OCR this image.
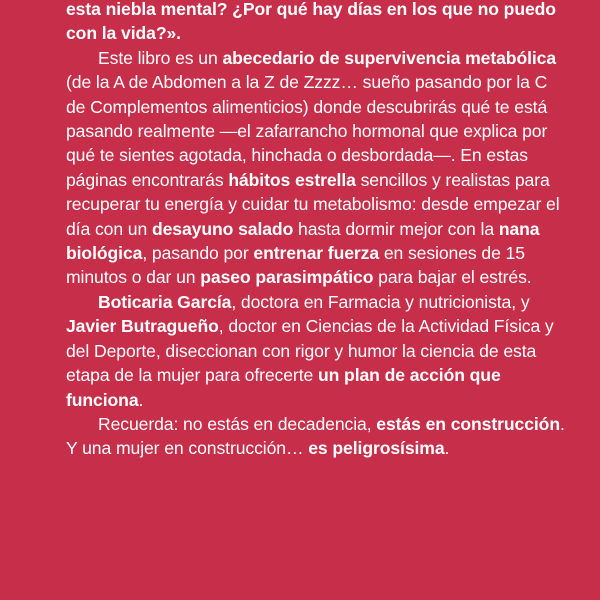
esta niebla mental? ¿Por qué hay días en los que no puedo con la vida?».

Este libro es un abecedario de supervivencia metabólica (de la A de Abdomen a la Z de Zzzz… sueño pasando por la C de Complementos alimenticios) donde descubrirás qué te está pasando realmente —el zafarrancho hormonal que explica por qué te sientes agotada, hinchada o desbordada—. En estas páginas encontrarás hábitos estrella sencillos y realistas para recuperar tu energía y cuidar tu metabolismo: desde empezar el día con un desayuno salado hasta dormir mejor con la nana biológica, pasando por entrenar fuerza en sesiones de 15 minutos o dar un paseo parasimpático para bajar el estrés.

Boticaria García, doctora en Farmacia y nutricionista, y Javier Butragueño, doctor en Ciencias de la Actividad Física y del Deporte, diseccionan con rigor y humor la ciencia de esta etapa de la mujer para ofrecerte un plan de acción que funciona.

Recuerda: no estás en decadencia, estás en construcción. Y una mujer en construcción… es peligrosísima.
